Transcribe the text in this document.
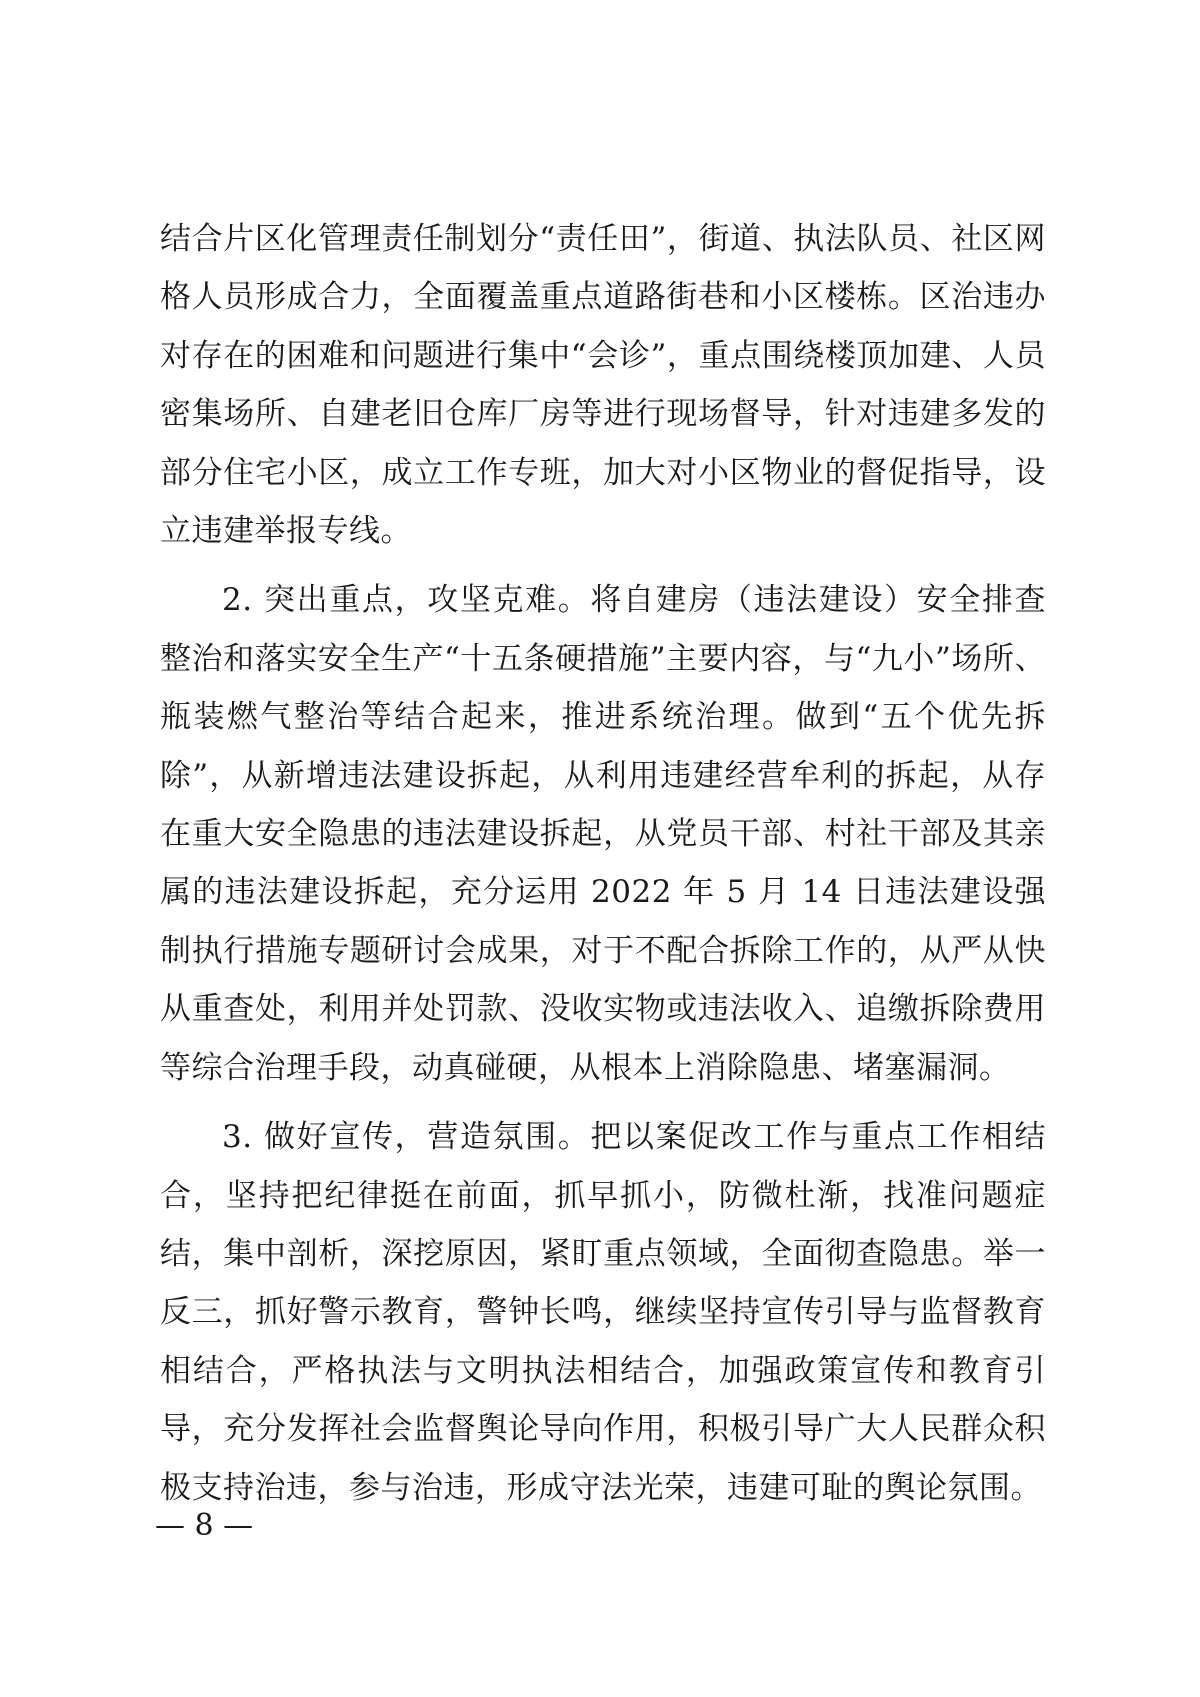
结合片区化管理责任制划分“责任田”，街道、执法队员、社区网格人员形成合力，全面覆盖重点道路街巷和小区楼栋。区治违办对存在的困难和问题进行集中“会诊”，重点围绕楼顶加建、人员密集场所、自建老旧仓库厂房等进行现场督导，针对违建多发的部分住宅小区，成立工作专班，加大对小区物业的督促指导，设立违建举报专线。

2. 突出重点，攻坚克难。将自建房（违法建设）安全排查整治和落实安全生产“十五条硬措施”主要内容，与“九小”场所、瓶装燃气整治等结合起来，推进系统治理。做到“五个优先拆除”，从新增违法建设拆起，从利用违建经营牟利的拆起，从存在重大安全隐患的违法建设拆起，从党员干部、村社干部及其亲属的违法建设拆起，充分运用 2022 年 5 月 14 日违法建设强制执行措施专题研讨会成果，对于不配合拆除工作的，从严从快从重查处，利用并处罚款、没收实物或违法收入、追缴拆除费用等综合治理手段，动真碰硬，从根本上消除隐患、堵塞漏洞。

3. 做好宣传，营造氛围。把以案促改工作与重点工作相结合，坚持把纪律挺在前面，抓早抓小，防微杜渐，找准问题症结，集中剖析，深挖原因，紧盯重点领域，全面彻查隐患。举一反三，抓好警示教育，警钟长鸣，继续坚持宣传引导与监督教育相结合，严格执法与文明执法相结合，加强政策宣传和教育引导，充分发挥社会监督舆论导向作用，积极引导广大人民群众积极支持治违，参与治违，形成守法光荣，违建可耻的舆论氛围。

— 8 —
